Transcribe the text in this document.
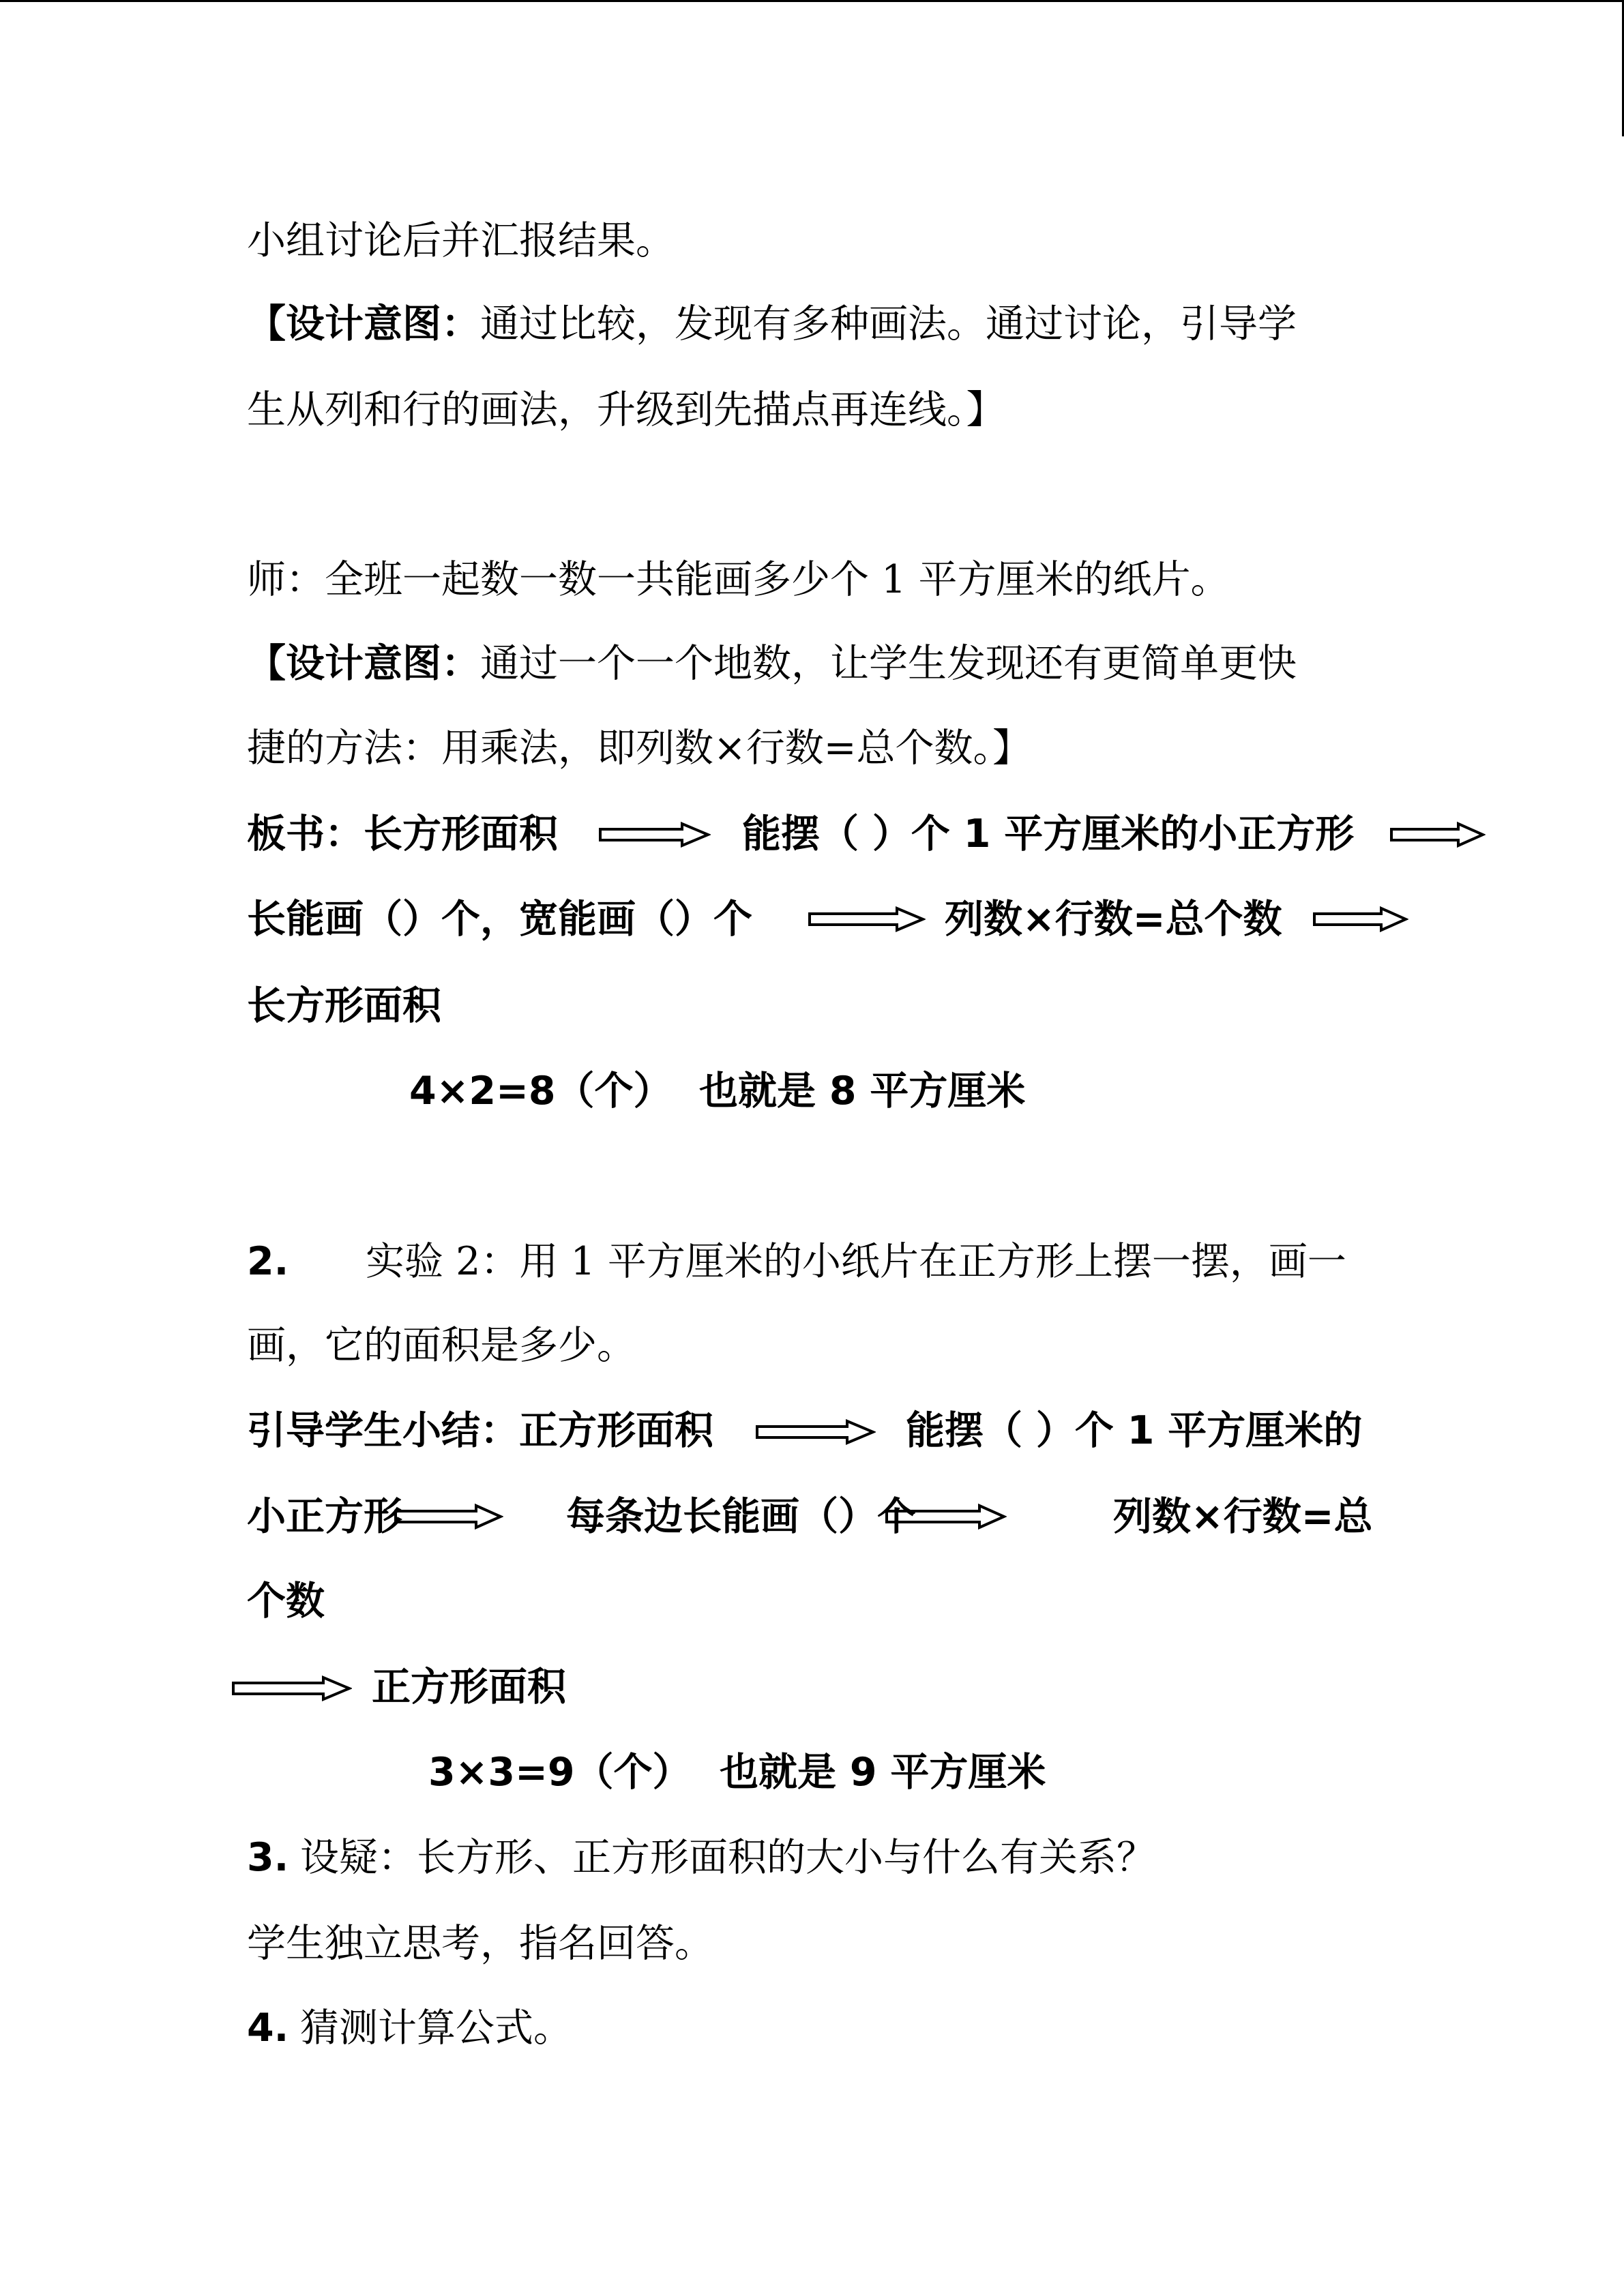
小组讨论后并汇报结果。
【设计意图：通过比较，发现有多种画法。通过讨论，引导学
生从列和行的画法，升级到先描点再连线。】
师：全班一起数一数一共能画多少个 1 平方厘米的纸片。
【设计意图：通过一个一个地数，让学生发现还有更简单更快
捷的方法：用乘法，即列数×行数=总个数。】
板书：长方形面积	能摆（ ）个 1 平方厘米的小正方形
长能画（）个，宽能画（）个	列数×行数=总个数
长方形面积
4×2=8（个） 也就是 8 平方厘米
2. 实验 2：用 1 平方厘米的小纸片在正方形上摆一摆，画一
画，它的面积是多少。
引导学生小结：正方形面积	能摆（ ）个 1 平方厘米的
小正方形	每条边长能画（）个	列数×行数=总
个数
正方形面积
3×3=9（个） 也就是 9 平方厘米
3. 设疑：长方形、正方形面积的大小与什么有关系？
学生独立思考，指名回答。
4. 猜测计算公式。
